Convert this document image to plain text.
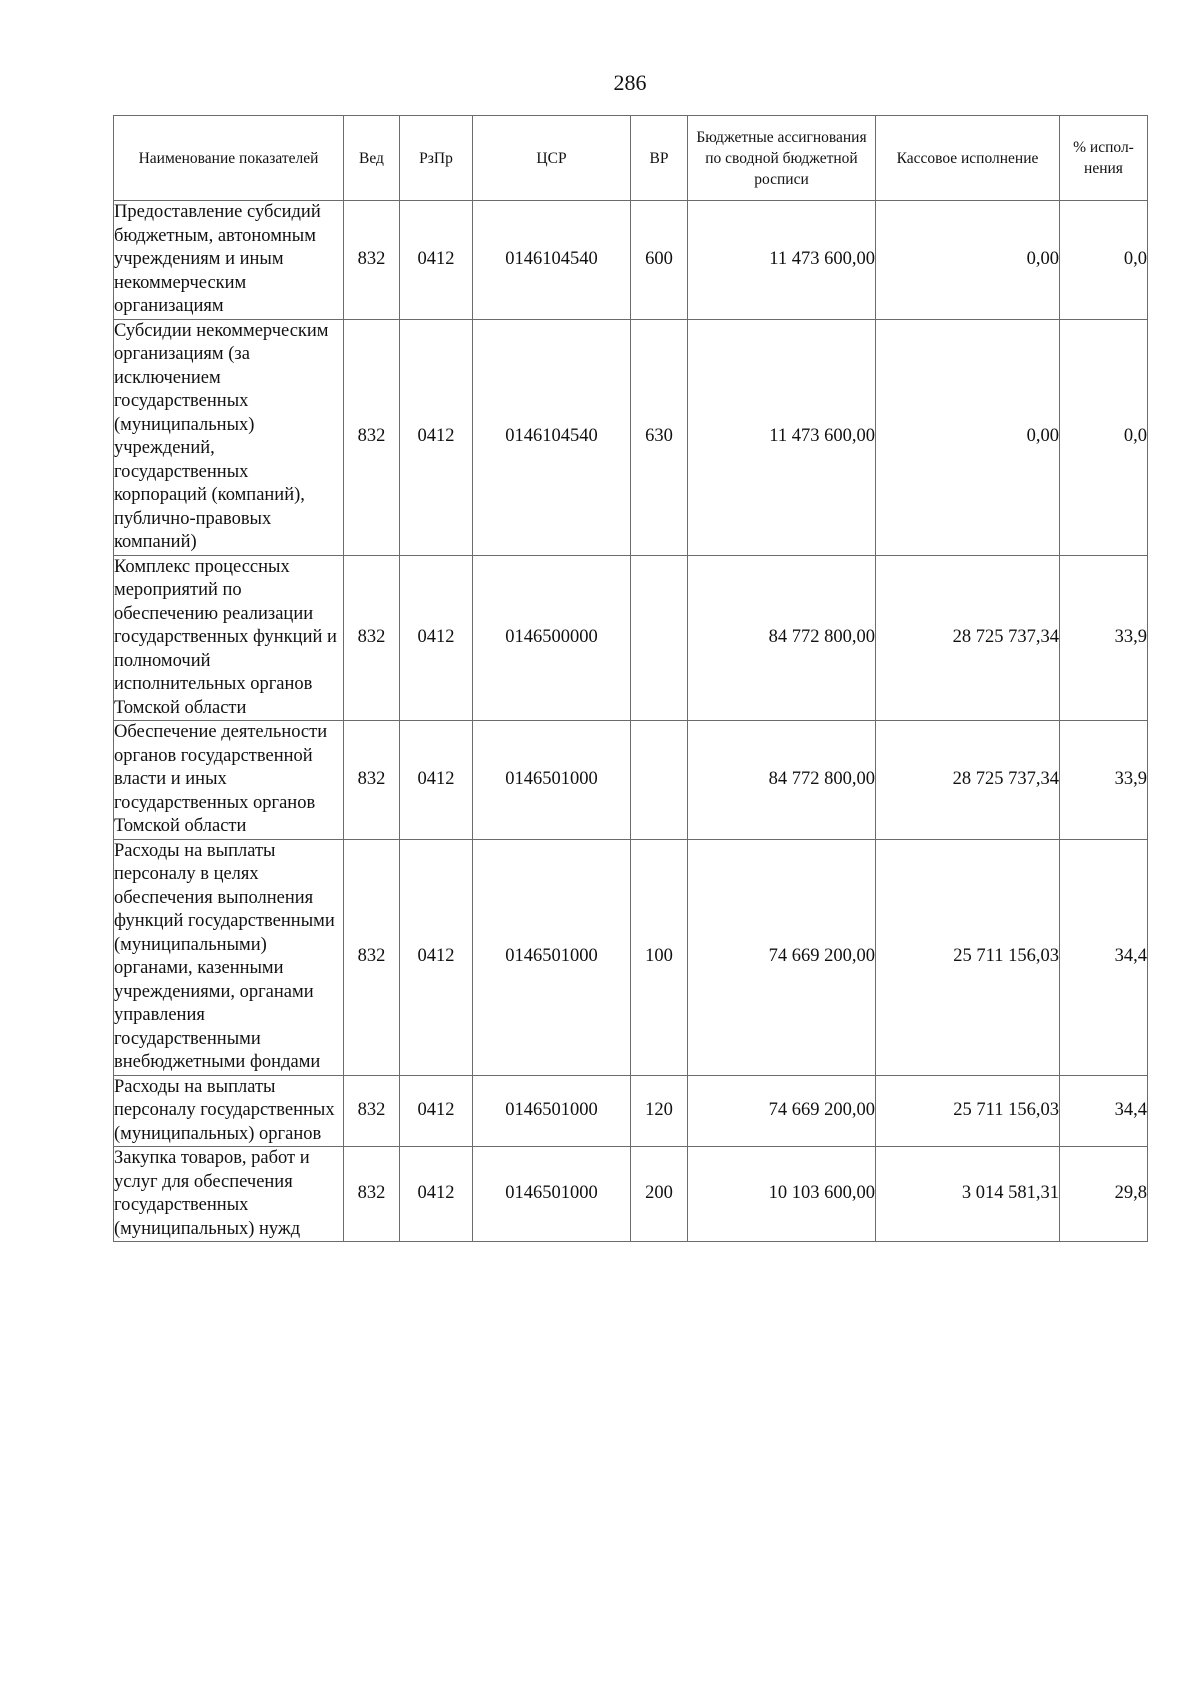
286
Наименование показателей	Вед	РзПр	ЦСР	ВР	Бюджетные ассигнования по сводной бюджетной росписи	Кассовое исполнение	% испол-нения
Предоставление субсидий бюджетным, автономным учреждениям и иным некоммерческим организациям	832	0412	0146104540	600	11 473 600,00	0,00	0,0
Субсидии некоммерческим организациям (за исключением государственных (муниципальных) учреждений, государственных корпораций (компаний), публично-правовых компаний)	832	0412	0146104540	630	11 473 600,00	0,00	0,0
Комплекс процессных мероприятий по обеспечению реализации государственных функций и полномочий исполнительных органов Томской области	832	0412	0146500000		84 772 800,00	28 725 737,34	33,9
Обеспечение деятельности органов государственной власти и иных государственных органов Томской области	832	0412	0146501000		84 772 800,00	28 725 737,34	33,9
Расходы на выплаты персоналу в целях обеспечения выполнения функций государственными (муниципальными) органами, казенными учреждениями, органами управления государственными внебюджетными фондами	832	0412	0146501000	100	74 669 200,00	25 711 156,03	34,4
Расходы на выплаты персоналу государственных (муниципальных) органов	832	0412	0146501000	120	74 669 200,00	25 711 156,03	34,4
Закупка товаров, работ и услуг для обеспечения государственных (муниципальных) нужд	832	0412	0146501000	200	10 103 600,00	3 014 581,31	29,8
